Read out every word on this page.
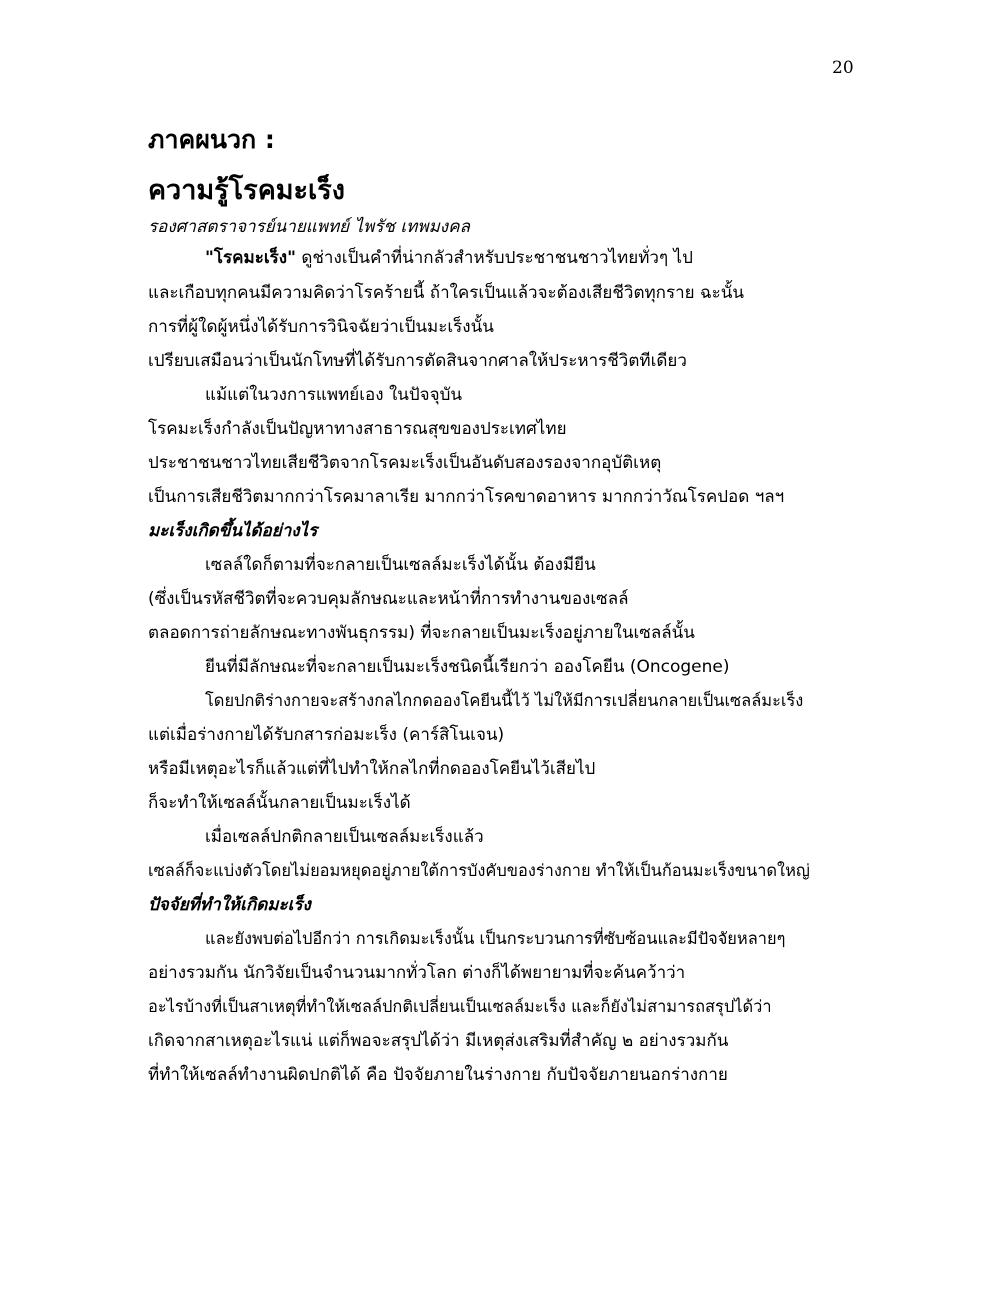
20
ภาคผนวก :
ความรู้โรคมะเร็ง
รองศาสตราจารย์นายแพทย์ ไพรัช เทพมงคล
"โรคมะเร็ง" ดูช่างเป็นคำที่น่ากลัวสำหรับประชาชนชาวไทยทั่วๆ ไป
และเกือบทุกคนมีความคิดว่าโรคร้ายนี้ ถ้าใครเป็นแล้วจะต้องเสียชีวิตทุกราย ฉะนั้น
การที่ผู้ใดผู้หนึ่งได้รับการวินิจฉัยว่าเป็นมะเร็งนั้น
เปรียบเสมือนว่าเป็นนักโทษที่ได้รับการตัดสินจากศาลให้ประหารชีวิตทีเดียว
แม้แต่ในวงการแพทย์เอง ในปัจจุบัน
โรคมะเร็งกำลังเป็นปัญหาทางสาธารณสุขของประเทศไทย
ประชาชนชาวไทยเสียชีวิตจากโรคมะเร็งเป็นอันดับสองรองจากอุบัติเหตุ
เป็นการเสียชีวิตมากกว่าโรคมาลาเรีย มากกว่าโรคขาดอาหาร มากกว่าวัณโรคปอด ฯลฯ
มะเร็งเกิดขึ้นได้อย่างไร
เซลล์ใดก็ตามที่จะกลายเป็นเซลล์มะเร็งได้นั้น ต้องมียีน
(ซึ่งเป็นรหัสชีวิตที่จะควบคุมลักษณะและหน้าที่การทำงานของเซลล์
ตลอดการถ่ายลักษณะทางพันธุกรรม) ที่จะกลายเป็นมะเร็งอยู่ภายในเซลล์นั้น
ยีนที่มีลักษณะที่จะกลายเป็นมะเร็งชนิดนี้เรียกว่า อองโคยีน (Oncogene)
โดยปกติร่างกายจะสร้างกลไกกดอองโคยีนนี้ไว้ ไม่ให้มีการเปลี่ยนกลายเป็นเซลล์มะเร็ง
แต่เมื่อร่างกายได้รับกสารก่อมะเร็ง (คาร์สิโนเจน)
หรือมีเหตุอะไรก็แล้วแต่ที่ไปทำให้กลไกที่กดอองโคยีนไว้เสียไป
ก็จะทำให้เซลล์นั้นกลายเป็นมะเร็งได้
เมื่อเซลล์ปกติกลายเป็นเซลล์มะเร็งแล้ว
เซลล์ก็จะแบ่งตัวโดยไม่ยอมหยุดอยู่ภายใต้การบังคับของร่างกาย ทำให้เป็นก้อนมะเร็งขนาดใหญ่
ปัจจัยที่ทำให้เกิดมะเร็ง
และยังพบต่อไปอีกว่า การเกิดมะเร็งนั้น เป็นกระบวนการที่ซับซ้อนและมีปัจจัยหลายๆ
อย่างรวมกัน นักวิจัยเป็นจำนวนมากทั่วโลก ต่างก็ได้พยายามที่จะค้นคว้าว่า
อะไรบ้างที่เป็นสาเหตุที่ทำให้เซลล์ปกติเปลี่ยนเป็นเซลล์มะเร็ง และก็ยังไม่สามารถสรุปได้ว่า
เกิดจากสาเหตุอะไรแน่ แต่ก็พอจะสรุปได้ว่า มีเหตุส่งเสริมที่สำคัญ ๒ อย่างรวมกัน
ที่ทำให้เซลล์ทำงานผิดปกติได้ คือ ปัจจัยภายในร่างกาย กับปัจจัยภายนอกร่างกาย
